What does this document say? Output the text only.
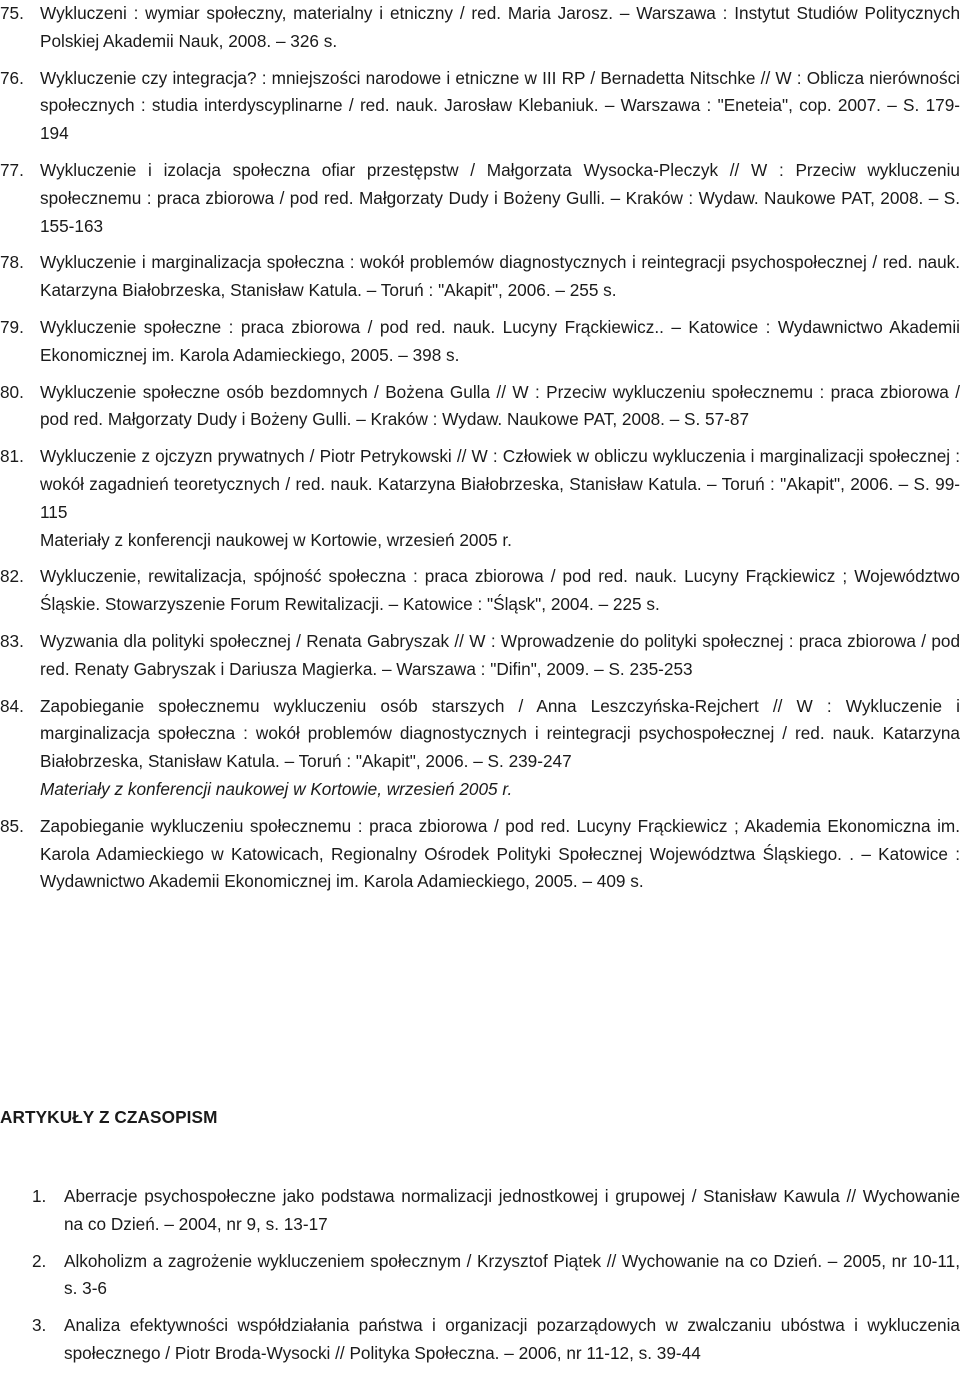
75. Wykluczeni : wymiar społeczny, materialny i etniczny / red. Maria Jarosz. – Warszawa : Instytut Studiów Politycznych Polskiej Akademii Nauk, 2008. – 326 s.
76. Wykluczenie czy integracja? : mniejszości narodowe i etniczne w III RP / Bernadetta Nitschke // W : Oblicza nierówności społecznych : studia interdyscyplinarne / red. nauk. Jarosław Klebaniuk. – Warszawa : "Eneteia", cop. 2007. – S. 179-194
77. Wykluczenie i izolacja społeczna ofiar przestępstw / Małgorzata Wysocka-Pleczyk // W : Przeciw wykluczeniu społecznemu : praca zbiorowa / pod red. Małgorzaty Dudy i Bożeny Gulli. – Kraków : Wydaw. Naukowe PAT, 2008. – S. 155-163
78. Wykluczenie i marginalizacja społeczna : wokół problemów diagnostycznych i reintegracji psychospołecznej / red. nauk. Katarzyna Białobrzeska, Stanisław Katula. – Toruń : "Akapit", 2006. – 255 s.
79. Wykluczenie społeczne : praca zbiorowa / pod red. nauk. Lucyny Frąckiewicz.. – Katowice : Wydawnictwo Akademii Ekonomicznej im. Karola Adamieckiego, 2005. – 398 s.
80. Wykluczenie społeczne osób bezdomnych / Bożena Gulla // W : Przeciw wykluczeniu społecznemu : praca zbiorowa / pod red. Małgorzaty Dudy i Bożeny Gulli. – Kraków : Wydaw. Naukowe PAT, 2008. – S. 57-87
81. Wykluczenie z ojczyzn prywatnych / Piotr Petrykowski // W : Człowiek w obliczu wykluczenia i marginalizacji społecznej : wokół zagadnień teoretycznych / red. nauk. Katarzyna Białobrzeska, Stanisław Katula. – Toruń : "Akapit", 2006. – S. 99-115
Materiały z konferencji naukowej w Kortowie, wrzesień 2005 r.
82. Wykluczenie, rewitalizacja, spójność społeczna : praca zbiorowa / pod red. nauk. Lucyny Frąckiewicz ; Województwo Śląskie. Stowarzyszenie Forum Rewitalizacji. – Katowice : "Śląsk", 2004. – 225 s.
83. Wyzwania dla polityki społecznej / Renata Gabryszak // W : Wprowadzenie do polityki społecznej : praca zbiorowa / pod red. Renaty Gabryszak i Dariusza Magierka. – Warszawa : "Difin", 2009. – S. 235-253
84. Zapobieganie społecznemu wykluczeniu osób starszych / Anna Leszczyńska-Rejchert // W : Wykluczenie i marginalizacja społeczna : wokół problemów diagnostycznych i reintegracji psychospołecznej / red. nauk. Katarzyna Białobrzeska, Stanisław Katula. – Toruń : "Akapit", 2006. – S. 239-247
Materiały z konferencji naukowej w Kortowie, wrzesień 2005 r.
85. Zapobieganie wykluczeniu społecznemu : praca zbiorowa / pod red. Lucyny Frąckiewicz ; Akademia Ekonomiczna im. Karola Adamieckiego w Katowicach, Regionalny Ośrodek Polityki Społecznej Województwa Śląskiego. . – Katowice : Wydawnictwo Akademii Ekonomicznej im. Karola Adamieckiego, 2005. – 409 s.
ARTYKUŁY Z CZASOPISM
1.	Aberracje psychospołeczne jako podstawa normalizacji jednostkowej i grupowej / Stanisław Kawula // Wychowanie na co Dzień. – 2004, nr 9, s. 13-17
2.	Alkoholizm a zagrożenie wykluczeniem społecznym / Krzysztof Piątek // Wychowanie na co Dzień. – 2005, nr 10-11, s. 3-6
3.	Analiza efektywności współdziałania państwa i organizacji pozarządowych w zwalczaniu ubóstwa i wykluczenia społecznego / Piotr Broda-Wysocki // Polityka Społeczna. – 2006, nr 11-12, s. 39-44
